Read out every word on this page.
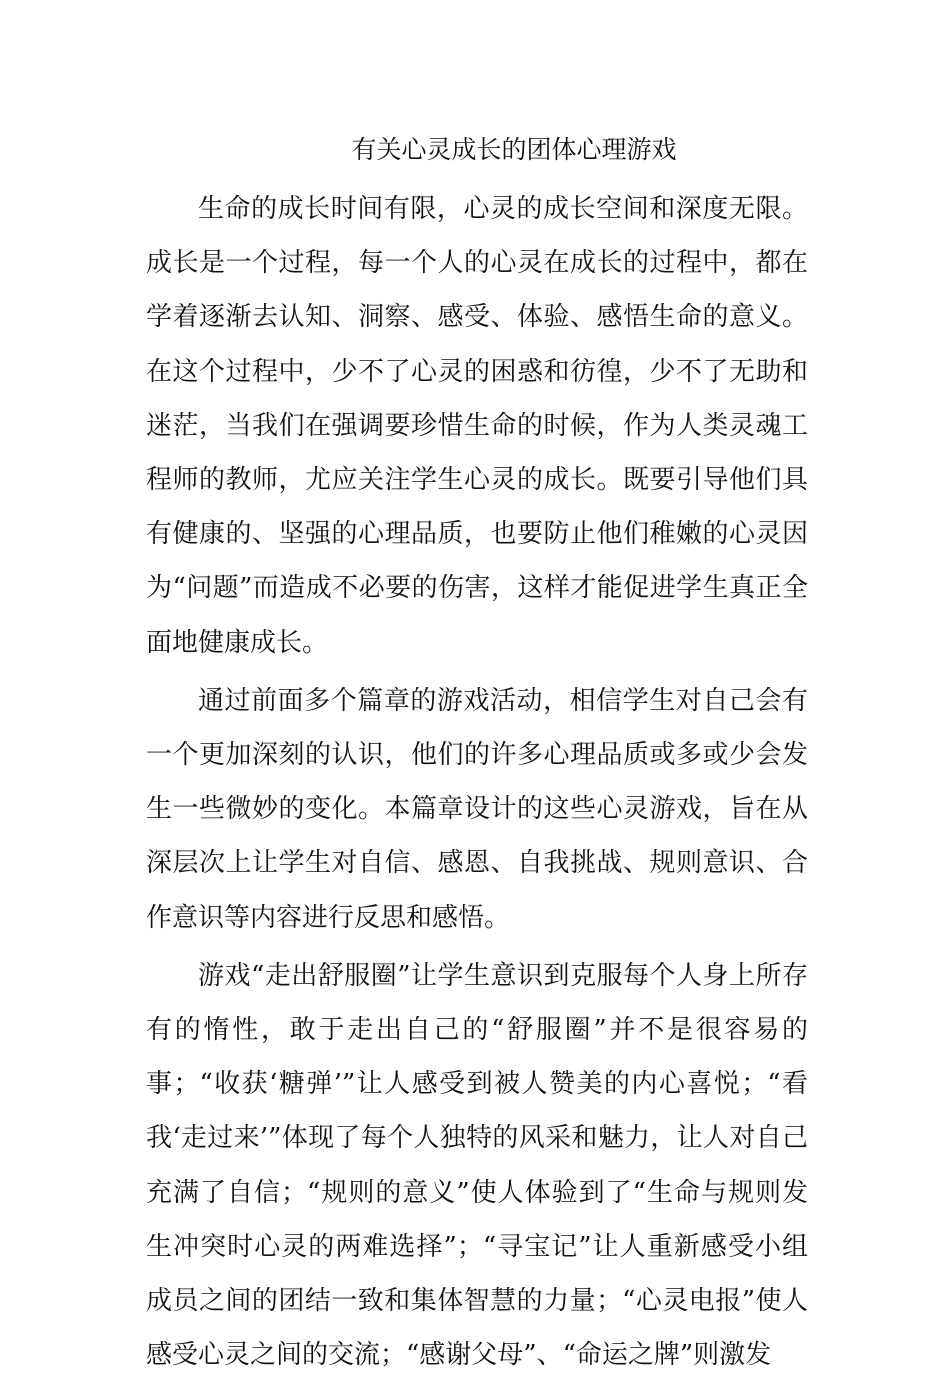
有关心灵成长的团体心理游戏

生命的成长时间有限，心灵的成长空间和深度无限。成长是一个过程，每一个人的心灵在成长的过程中，都在学着逐渐去认知、洞察、感受、体验、感悟生命的意义。在这个过程中，少不了心灵的困惑和彷徨，少不了无助和迷茫，当我们在强调要珍惜生命的时候，作为人类灵魂工程师的教师，尤应关注学生心灵的成长。既要引导他们具有健康的、坚强的心理品质，也要防止他们稚嫩的心灵因为“问题”而造成不必要的伤害，这样才能促进学生真正全面地健康成长。

通过前面多个篇章的游戏活动，相信学生对自己会有一个更加深刻的认识，他们的许多心理品质或多或少会发生一些微妙的变化。本篇章设计的这些心灵游戏，旨在从深层次上让学生对自信、感恩、自我挑战、规则意识、合作意识等内容进行反思和感悟。

游戏“走出舒服圈”让学生意识到克服每个人身上所存有的惰性，敢于走出自己的“舒服圈”并不是很容易的事；“收获‘糖弹’”让人感受到被人赞美的内心喜悦；“看我‘走过来’”体现了每个人独特的风采和魅力，让人对自己充满了自信；“规则的意义”使人体验到了“生命与规则发生冲突时心灵的两难选择”；“寻宝记”让人重新感受小组成员之间的团结一致和集体智慧的力量；“心灵电报”使人感受心灵之间的交流；“感谢父母”、“命运之牌”则激发
